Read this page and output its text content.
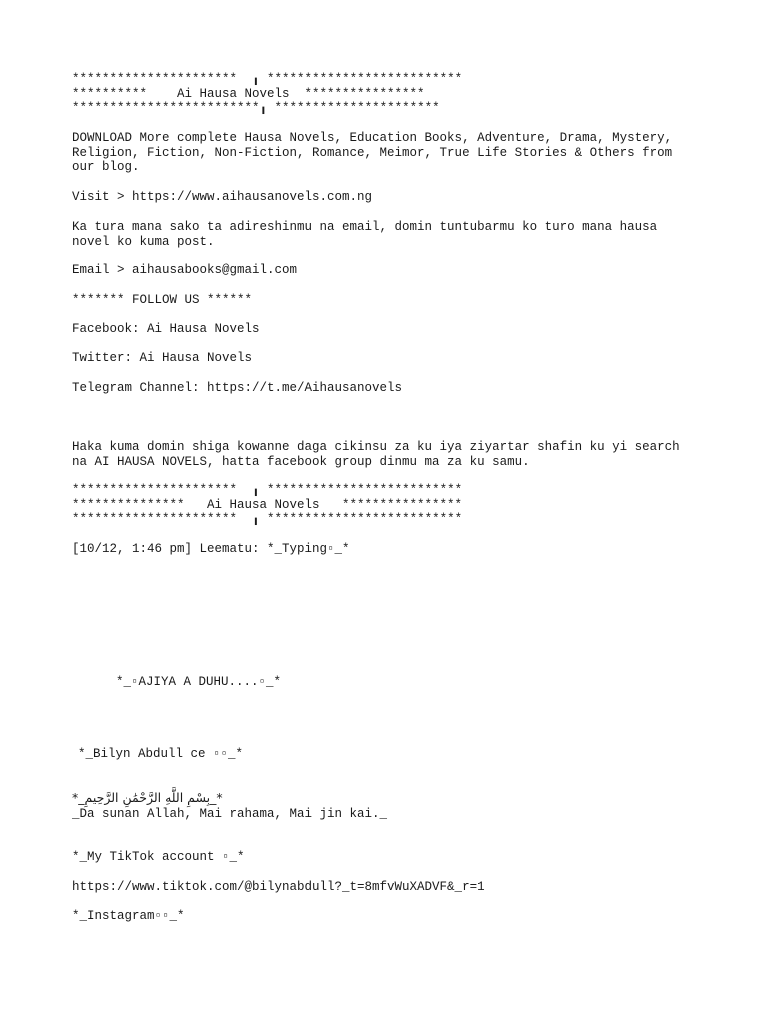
**********************  ╻ **************************
**********    Ai Hausa Novels  ****************
*************************╻ **********************
DOWNLOAD More complete Hausa Novels, Education Books, Adventure, Drama, Mystery, Religion, Fiction, Non-Fiction, Romance, Meimor, True Life Stories & Others from our blog.
Visit > https://www.aihausanovels.com.ng
Ka tura mana sako ta adireshinmu na email, domin tuntubarmu ko turo mana hausa novel ko kuma post.
Email > aihausabooks@gmail.com
******* FOLLOW US ******
Facebook: Ai Hausa Novels
Twitter: Ai Hausa Novels
Telegram Channel: https://t.me/Aihausanovels
Haka kuma domin shiga kowanne daga cikinsu za ku iya ziyartar shafin ku yi search na AI HAUSA NOVELS, hatta facebook group dinmu ma za ku samu.
**********************  ╻ **************************
***************   Ai Hausa Novels   ****************
**********************  ╻ **************************
[10/12, 1:46 pm] Leematu: *_Typing▫_*
*_▫AJIYA A DUHU....▫_*
*_Bilyn Abdull ce ▫▫_*
*_بِسْمِ اللَّهِ الرَّحْمَٰنِ الرَّحِيمِ_*
_Da sunan Allah, Mai rahama, Mai jin kai._
*_My TikTok account ▫_*
https://www.tiktok.com/@bilynabdull?_t=8mfvWuXADVF&_r=1
*_Instagram▫▫_*
